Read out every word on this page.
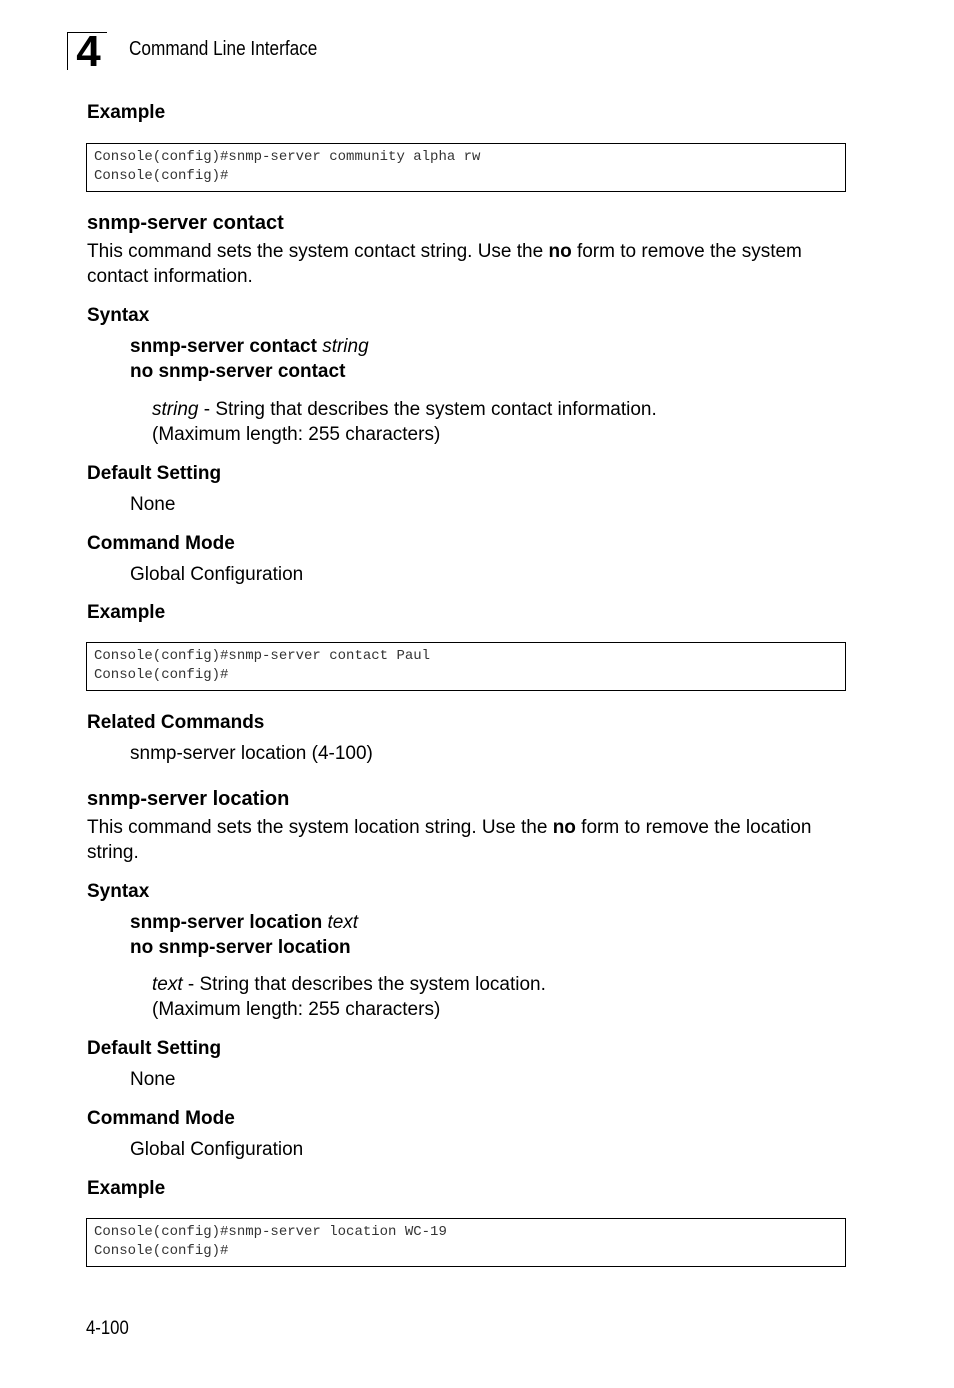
4	Command Line Interface
Example
Console(config)#snmp-server community alpha rw
Console(config)#
snmp-server contact
This command sets the system contact string. Use the no form to remove the system contact information.
Syntax
snmp-server contact string
no snmp-server contact
string - String that describes the system contact information.
(Maximum length: 255 characters)
Default Setting
None
Command Mode
Global Configuration
Example
Console(config)#snmp-server contact Paul
Console(config)#
Related Commands
snmp-server location (4-100)
snmp-server location
This command sets the system location string. Use the no form to remove the location string.
Syntax
snmp-server location text
no snmp-server location
text - String that describes the system location.
(Maximum length: 255 characters)
Default Setting
None
Command Mode
Global Configuration
Example
Console(config)#snmp-server location WC-19
Console(config)#
4-100
